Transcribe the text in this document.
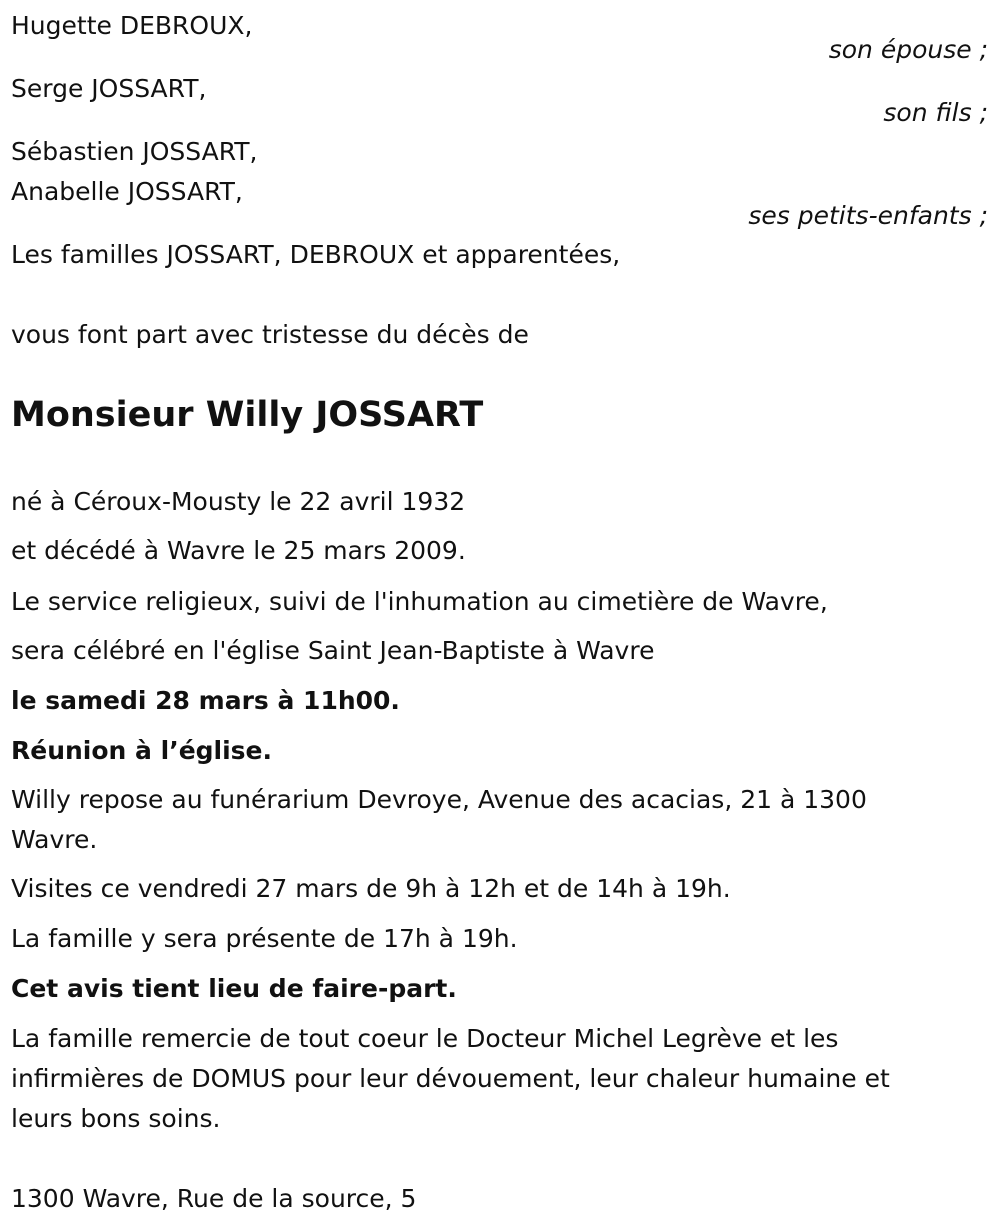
Hugette DEBROUX,

son épouse ;

Serge JOSSART,

son fils ;

Sébastien JOSSART,

Anabelle JOSSART,

ses petits-enfants ;

Les familles JOSSART, DEBROUX et apparentées,

vous font part avec tristesse du décès de

Monsieur Willy JOSSART

né à Céroux-Mousty le 22 avril 1932

et décédé à Wavre le 25 mars 2009.

Le service religieux, suivi de l'inhumation au cimetière de Wavre,

sera célébré en l'église Saint Jean-Baptiste à Wavre

le samedi 28 mars à 11h00.

Réunion à l’église.

Willy repose au funérarium Devroye, Avenue des acacias, 21 à 1300

Wavre.

Visites ce vendredi 27 mars de 9h à 12h et de 14h à 19h.

La famille y sera présente de 17h à 19h.

Cet avis tient lieu de faire-part.

La famille remercie de tout coeur le Docteur Michel Legrève et les

infirmières de DOMUS pour leur dévouement, leur chaleur humaine et

leurs bons soins.

1300 Wavre, Rue de la source, 5
